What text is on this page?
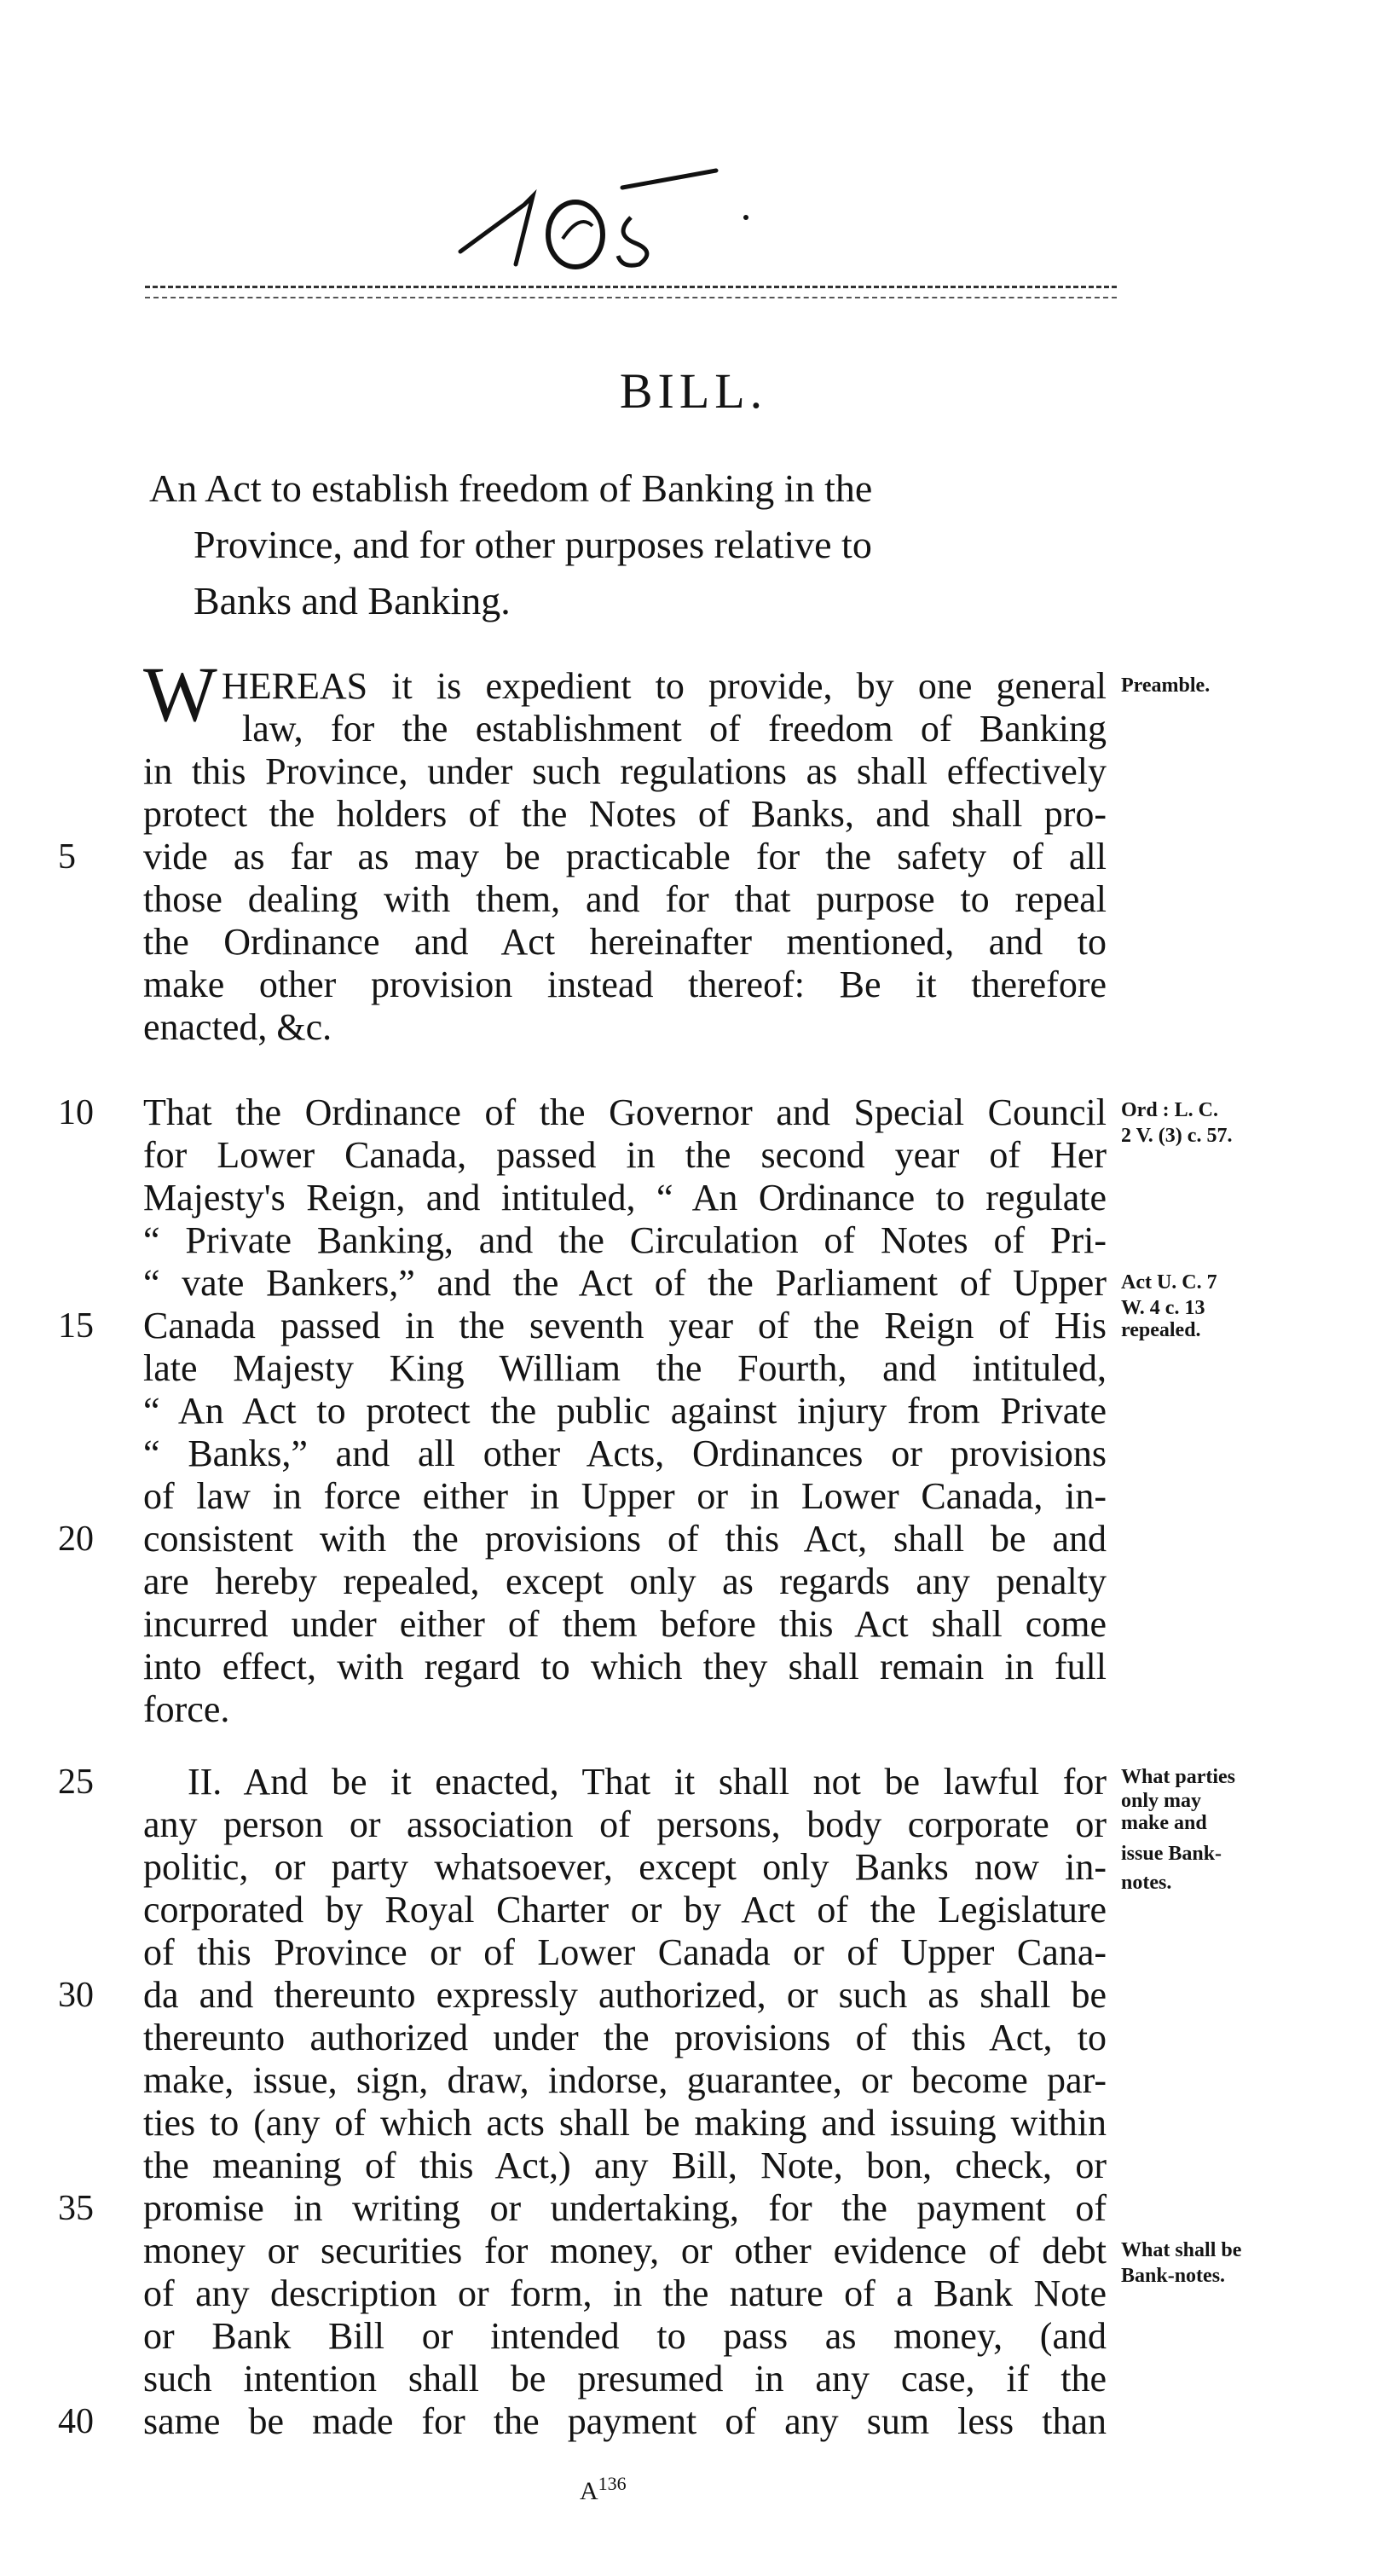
BILL.
An Act to establish freedom of Banking in the
Province, and for other purposes relative to
Banks and Banking.
W HEREAS it is expedient to provide, by one general
law, for the establishment of freedom of Banking
in this Province, under such regulations as shall effectively
protect the holders of the Notes of Banks, and shall pro-
vide as far as may be practicable for the safety of all
those dealing with them, and for that purpose to repeal
the Ordinance and Act hereinafter mentioned, and to
make other provision instead thereof: Be it therefore
enacted, &c.
That the Ordinance of the Governor and Special Council
for Lower Canada, passed in the second year of Her
Majesty's Reign, and intituled, “ An Ordinance to regulate
“ Private Banking, and the Circulation of Notes of Pri-
“ vate Bankers,” and the Act of the Parliament of Upper
Canada passed in the seventh year of the Reign of His
late Majesty King William the Fourth, and intituled,
“ An Act to protect the public against injury from Private
“ Banks,” and all other Acts, Ordinances or provisions
of law in force either in Upper or in Lower Canada, in-
consistent with the provisions of this Act, shall be and
are hereby repealed, except only as regards any penalty
incurred under either of them before this Act shall come
into effect, with regard to which they shall remain in full
force.
II. And be it enacted, That it shall not be lawful for
any person or association of persons, body corporate or
politic, or party whatsoever, except only Banks now in-
corporated by Royal Charter or by Act of the Legislature
of this Province or of Lower Canada or of Upper Cana-
da and thereunto expressly authorized, or such as shall be
thereunto authorized under the provisions of this Act, to
make, issue, sign, draw, indorse, guarantee, or become par-
ties to (any of which acts shall be making and issuing within
the meaning of this Act,) any Bill, Note, bon, check, or
promise in writing or undertaking, for the payment of
money or securities for money, or other evidence of debt
of any description or form, in the nature of a Bank Note
or Bank Bill or intended to pass as money, (and
such intention shall be presumed in any case, if the
same be made for the payment of any sum less than
5
10
15
20
25
30
35
40
Preamble.
Ord : L. C.
2 V. (3) c. 57.
Act U. C. 7
W. 4 c. 13
repealed.
What parties
only may
make and
issue Bank-
notes.
What shall be
Bank-notes.
$A^{136}$
